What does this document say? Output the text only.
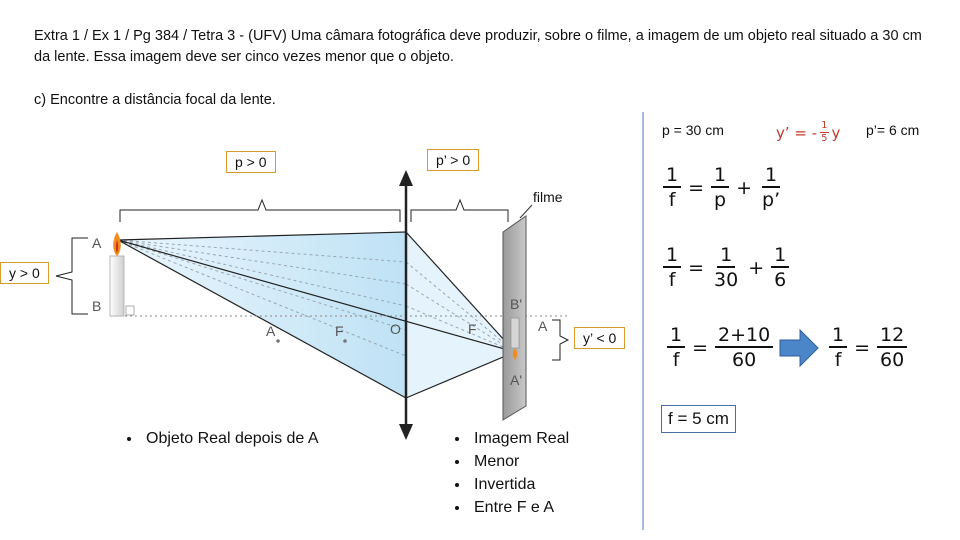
Extra 1 / Ex 1 / Pg 384 / Tetra 3 - (UFV) Uma câmara fotográfica deve produzir, sobre o filme, a imagem de um objeto real situado a 30 cm da lente. Essa imagem deve ser cinco vezes menor que o objeto.
c) Encontre a distância focal da lente.
p > 0	p’ > 0
y > 0
y’ < 0
filme
A
B
A	F	O	F	A
B'
A'
• Objeto Real depois de A
•	Imagem Real
• Menor
• Invertida
• Entre F e A
p = 30 cm	p’= 6 cm
y’ = - $\frac{1}{5}$ y
$\frac{1}{f} = \frac{1}{p} + \frac{1}{p’}$
$\frac{1}{f} = \frac{1}{30} + \frac{1}{6}$
$\frac{1}{f} = \frac{2+10}{60}$	$\frac{1}{f} = \frac{12}{60}$
f = 5 cm
